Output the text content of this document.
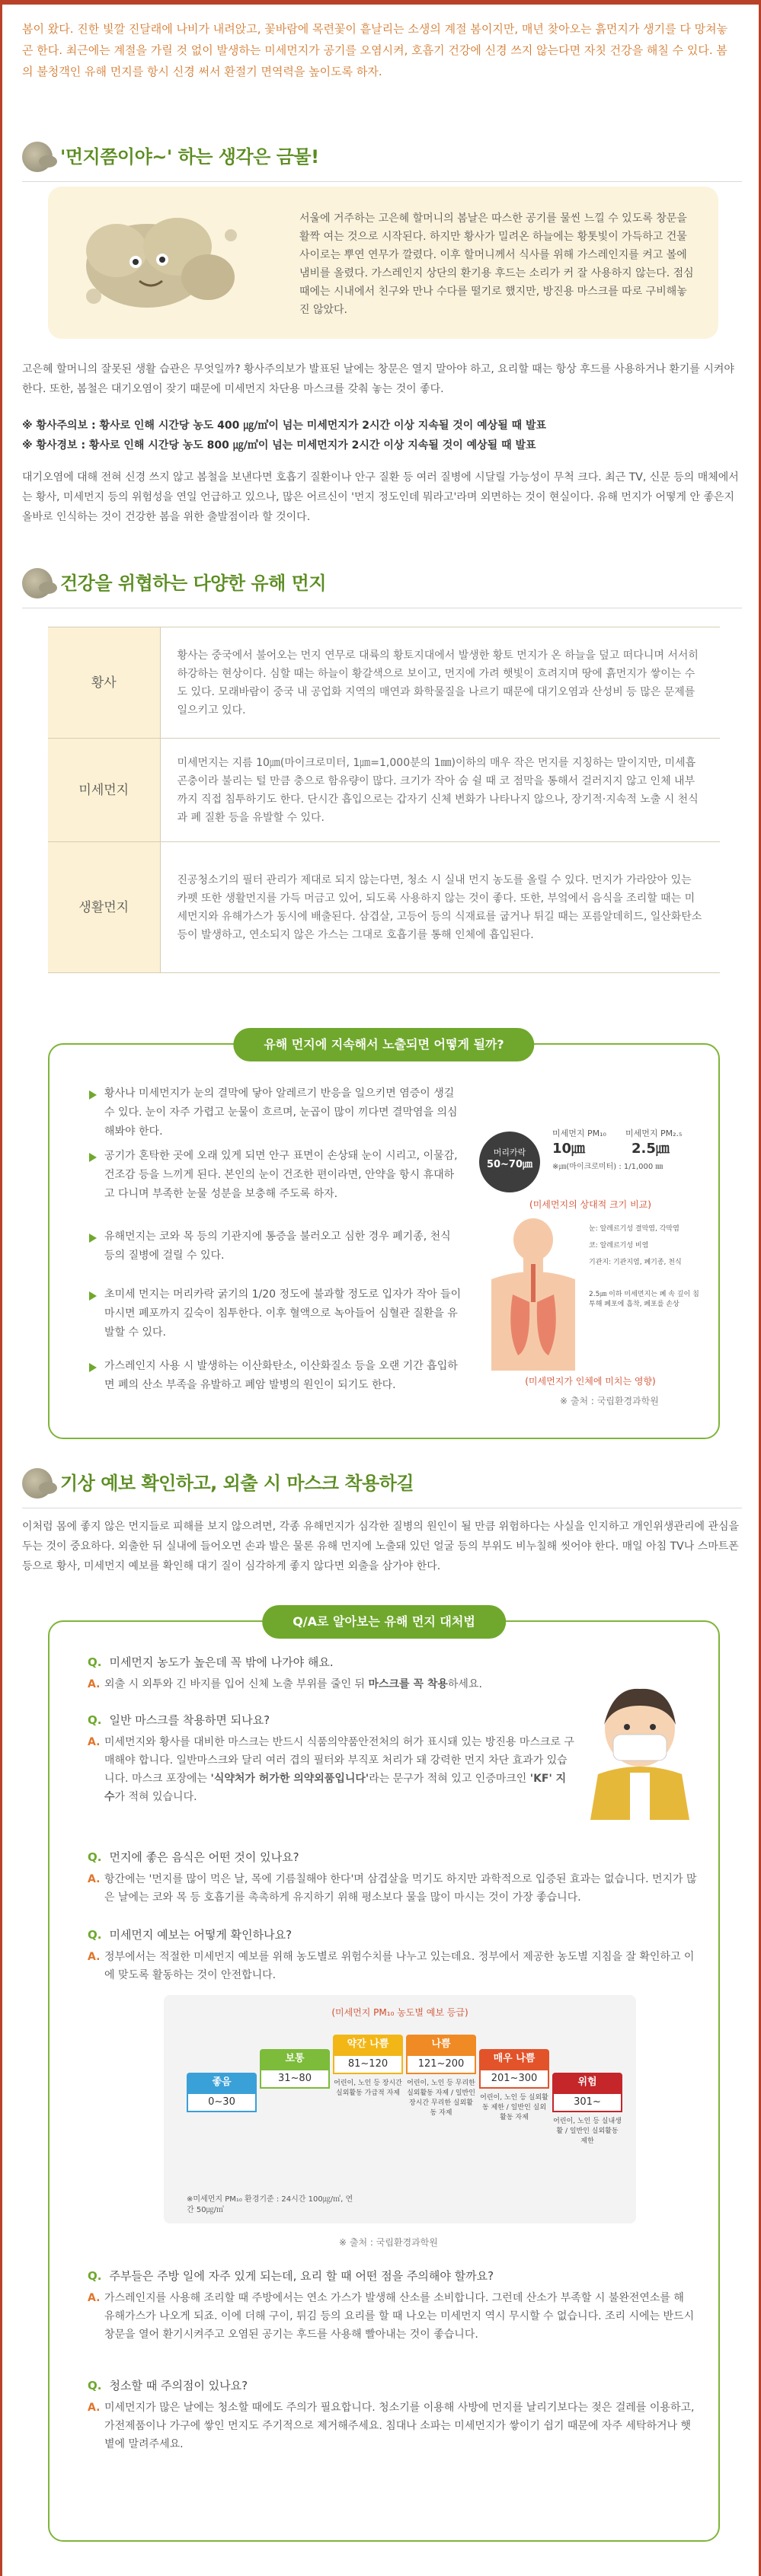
봄이 왔다. 진한 빛깔 진달래에 나비가 내려앉고, 꽃바람에 목련꽃이 흩날리는 소생의 계절 봄이지만, 매년 찾아오는 흙먼지가 생기를 다 망쳐놓곤 한다. 최근에는 계절을 가릴 것 없이 발생하는 미세먼지가 공기를 오염시켜, 호흡기 건강에 신경 쓰지 않는다면 자칫 건강을 해칠 수 있다. 봄의 불청객인 유해 먼지를 항시 신경 써서 환절기 면역력을 높이도록 하자.

'먼지쯤이야~' 하는 생각은 금물!

서울에 거주하는 고은혜 할머니의 봄날은 따스한 공기를 물씬 느낄 수 있도록 창문을 활짝 여는 것으로 시작된다. 하지만 황사가 밀려온 하늘에는 황톳빛이 가득하고 건물 사이로는 뿌연 연무가 깔렸다. 이후 할머니께서 식사를 위해 가스레인지를 켜고 볼에 냄비를 올렸다. 가스레인지 상단의 환기용 후드는 소리가 커 잘 사용하지 않는다. 점심때에는 시내에서 친구와 만나 수다를 떨기로 했지만, 방진용 마스크를 따로 구비해놓진 않았다.

고은혜 할머니의 잘못된 생활 습관은 무엇일까? 황사주의보가 발표된 날에는 창문은 열지 말아야 하고, 요리할 때는 항상 후드를 사용하거나 환기를 시켜야 한다. 또한, 봄철은 대기오염이 잦기 때문에 미세먼지 차단용 마스크를 갖춰 놓는 것이 좋다.

※ 황사주의보 : 황사로 인해 시간당 농도 400 ㎍/㎥이 넘는 미세먼지가 2시간 이상 지속될 것이 예상될 때 발표

※ 황사경보 : 황사로 인해 시간당 농도 800 ㎍/㎥이 넘는 미세먼지가 2시간 이상 지속될 것이 예상될 때 발표

대기오염에 대해 전혀 신경 쓰지 않고 봄철을 보낸다면 호흡기 질환이나 안구 질환 등 여러 질병에 시달릴 가능성이 무척 크다. 최근 TV, 신문 등의 매체에서는 황사, 미세먼지 등의 위험성을 연일 언급하고 있으나, 많은 어르신이 '먼지 정도인데 뭐라고'라며 외면하는 것이 현실이다. 유해 먼지가 어떻게 안 좋은지 올바로 인식하는 것이 건강한 봄을 위한 출발점이라 할 것이다.

건강을 위협하는 다양한 유해 먼지
황사	황사는 중국에서 불어오는 먼지 연무로 대륙의 황토지대에서 발생한 황토 먼지가 온 하늘을 덮고 떠다니며 서서히 하강하는 현상이다. 심할 때는 하늘이 황갈색으로 보이고, 먼지에 가려 햇빛이 흐려지며 땅에 흙먼지가 쌓이는 수도 있다. 모래바람이 중국 내 공업화 지역의 매연과 화학물질을 나르기 때문에 대기오염과 산성비 등 많은 문제를 일으키고 있다.
미세먼지	미세먼지는 지름 10㎛(마이크로미터, 1㎛=1,000분의 1㎜)이하의 매우 작은 먼지를 지칭하는 말이지만, 미세흡곤충이라 불리는 털 만큼 충으로 함유량이 많다. 크기가 작아 숨 쉴 때 코 점막을 통해서 걸러지지 않고 인체 내부까지 직접 침투하기도 한다. 단시간 흡입으로는 갑자기 신체 변화가 나타나지 않으나, 장기적·지속적 노출 시 천식과 폐 질환 등을 유발할 수 있다.
생활먼지	진공청소기의 필터 관리가 제대로 되지 않는다면, 청소 시 실내 먼지 농도를 올릴 수 있다. 먼지가 가라앉아 있는 카펫 또한 생활먼지를 가득 머금고 있어, 되도록 사용하지 않는 것이 좋다. 또한, 부엌에서 음식을 조리할 때는 미세먼지와 유해가스가 동시에 배출된다. 삼겹살, 고등어 등의 식재료를 굽거나 튀길 때는 포름알데히드, 일산화탄소 등이 발생하고, 연소되지 않은 가스는 그대로 호흡기를 통해 인체에 흡입된다.
유해 먼지에 지속해서 노출되면 어떻게 될까?

황사나 미세먼지가 눈의 결막에 닿아 알레르기 반응을 일으키면 염증이 생길 수 있다. 눈이 자주 가렵고 눈물이 흐르며, 눈곱이 많이 끼다면 결막염을 의심해봐야 한다.

공기가 혼탁한 곳에 오래 있게 되면 안구 표면이 손상돼 눈이 시리고, 이물감, 건조감 등을 느끼게 된다. 본인의 눈이 건조한 편이라면, 안약을 항시 휴대하고 다니며 부족한 눈물 성분을 보충해 주도록 하자.

유해먼지는 코와 목 등의 기관지에 통증을 불러오고 심한 경우 폐기종, 천식 등의 질병에 걸릴 수 있다.

초미세 먼지는 머리카락 굵기의 1/20 정도에 불과할 정도로 입자가 작아 들이마시면 폐포까지 깊숙이 침투한다. 이후 혈액으로 녹아들어 심혈관 질환을 유발할 수 있다.

가스레인지 사용 시 발생하는 이산화탄소, 이산화질소 등을 오랜 기간 흡입하면 폐의 산소 부족을 유발하고 폐암 발병의 원인이 되기도 한다.

머리카락
50~70㎛
미세먼지 PM₁₀
10㎛
미세먼지 PM₂.₅
2.5㎛
※㎛(마이크로미터) : 1/1,000 ㎜
(미세먼지의 상대적 크기 비교)
눈: 알레르기성 결막염, 각막염
코: 알레르기성 비염
기관지: 기관지염, 폐기종, 천식
2.5㎛ 이하 미세먼지는 폐 속 깊이 침투해 폐포에 흡착, 폐포를 손상
(미세먼지가 인체에 미치는 영향)
※ 출처 : 국립환경과학원
기상 예보 확인하고, 외출 시 마스크 착용하길

이처럼 몸에 좋지 않은 먼지들로 피해를 보지 않으려면, 각종 유해먼지가 심각한 질병의 원인이 될 만큼 위험하다는 사실을 인지하고 개인위생관리에 관심을 두는 것이 중요하다. 외출한 뒤 실내에 들어오면 손과 발은 물론 유해 먼지에 노출돼 있던 얼굴 등의 부위도 비누칠해 씻어야 한다. 매일 아침 TV나 스마트폰 등으로 황사, 미세먼지 예보를 확인해 대기 질이 심각하게 좋지 않다면 외출을 삼가야 한다.

Q/A로 알아보는 유해 먼지 대처법

Q. 미세먼지 농도가 높은데 꼭 밖에 나가야 해요.

A. 외출 시 외투와 긴 바지를 입어 신체 노출 부위를 줄인 뒤 마스크를 꼭 착용하세요.

Q. 일반 마스크를 착용하면 되나요?

A. 미세먼지와 황사를 대비한 마스크는 반드시 식품의약품안전처의 허가 표시돼 있는 방진용 마스크로 구매해야 합니다. 일반마스크와 달리 여러 겹의 필터와 부직포 처리가 돼 강력한 먼지 차단 효과가 있습니다. 마스크 포장에는 '식약처가 허가한 의약외품입니다'라는 문구가 적혀 있고 인증마크인 'KF' 지수가 적혀 있습니다.

Q. 먼지에 좋은 음식은 어떤 것이 있나요?

A. 항간에는 '먼지를 많이 먹은 날, 목에 기름칠해야 한다'며 삼겹살을 먹기도 하지만 과학적으로 입증된 효과는 없습니다. 먼지가 많은 날에는 코와 목 등 호흡기를 촉촉하게 유지하기 위해 평소보다 물을 많이 마시는 것이 가장 좋습니다.

Q. 미세먼지 예보는 어떻게 확인하나요?

A. 정부에서는 적절한 미세먼지 예보를 위해 농도별로 위험수치를 나누고 있는데요. 정부에서 제공한 농도별 지침을 잘 확인하고 이에 맞도록 활동하는 것이 안전합니다.
(미세먼지 PM₁₀ 농도별 예보 등급)
좋음
0~30
보통
31~80
약간 나쁨
81~120
어린이, 노인 등 장시간 실외활동 가급적 자제
나쁨
121~200
어린이, 노인 등 무리한 실외활동 자제 / 일반인 장시간 무리한 실외활동 자제
매우 나쁨
201~300
어린이, 노인 등 실외활동 제한 / 일반인 실외활동 자제
위험
301~
어린이, 노인 등 실내생활 / 일반인 실외활동 제한
※미세먼지 PM₁₀ 환경기준 : 24시간 100㎍/㎥, 연간 50㎍/㎥
※ 출처 : 국립환경과학원

Q. 주부들은 주방 일에 자주 있게 되는데, 요리 할 때 어떤 점을 주의해야 할까요?

A. 가스레인지를 사용해 조리할 때 주방에서는 연소 가스가 발생해 산소를 소비합니다. 그런데 산소가 부족할 시 불완전연소를 해 유해가스가 나오게 되죠. 이에 더해 구이, 튀김 등의 요리를 할 때 나오는 미세먼지 역시 무시할 수 없습니다. 조리 시에는 반드시 창문을 열어 환기시켜주고 오염된 공기는 후드를 사용해 빨아내는 것이 좋습니다.

Q. 청소할 때 주의점이 있나요?

A. 미세먼지가 많은 날에는 청소할 때에도 주의가 필요합니다. 청소기를 이용해 사방에 먼지를 날리기보다는 젖은 걸레를 이용하고, 가전제품이나 가구에 쌓인 먼지도 주기적으로 제거해주세요. 침대나 소파는 미세먼지가 쌓이기 쉽기 때문에 자주 세탁하거나 햇볕에 말려주세요.
